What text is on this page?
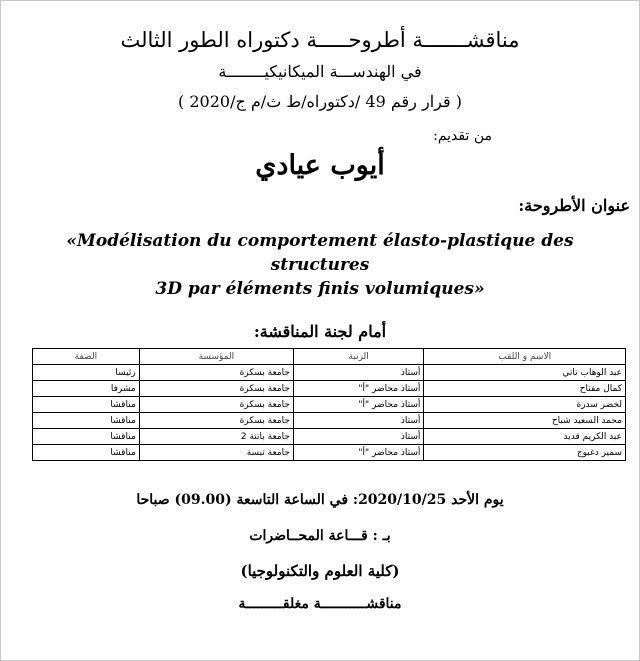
مناقشـــــــة أطروحـــــة دكتوراه الطور الثالث
في الهندســـة الميكانيكيــــــــة
( قرار رقم 49 /دكتوراه/ط ث/م ج/2020 )
من تقديم:
أيوب عيادي
عنوان الأطروحة:
«Modélisation du comportement élasto-plastique des structures
3D par éléments finis volumiques»
أمام لجنة المناقشة:
الاسم و اللقب	الرتبة	المؤسسة	الصفة
عبد الوهاب تاتي	أستاذ	جامعة بسكرة	رئيسا
كمال مفتاح	أستاذ محاضر "أ"	جامعة بسكرة	مشرفا
لخضر سدرة	أستاذ محاضر "أ"	جامعة بسكرة	مناقشا
محمد السعيد شباح	أستاذ	جامعة بسكرة	مناقشا
عبد الكريم قديد	أستاذ	جامعة باتنة 2	مناقشا
سمير دغبوج	أستاذ محاضر "أ"	جامعة تبسة	مناقشا
يوم الأحد 2020/10/25: في الساعة التاسعة (09.00) صباحا
بـ : قـــاعة المحــاضرات
(كلية العلوم والتكنولوجيا)
مناقشـــــــــــة مغلقـــــــــة
